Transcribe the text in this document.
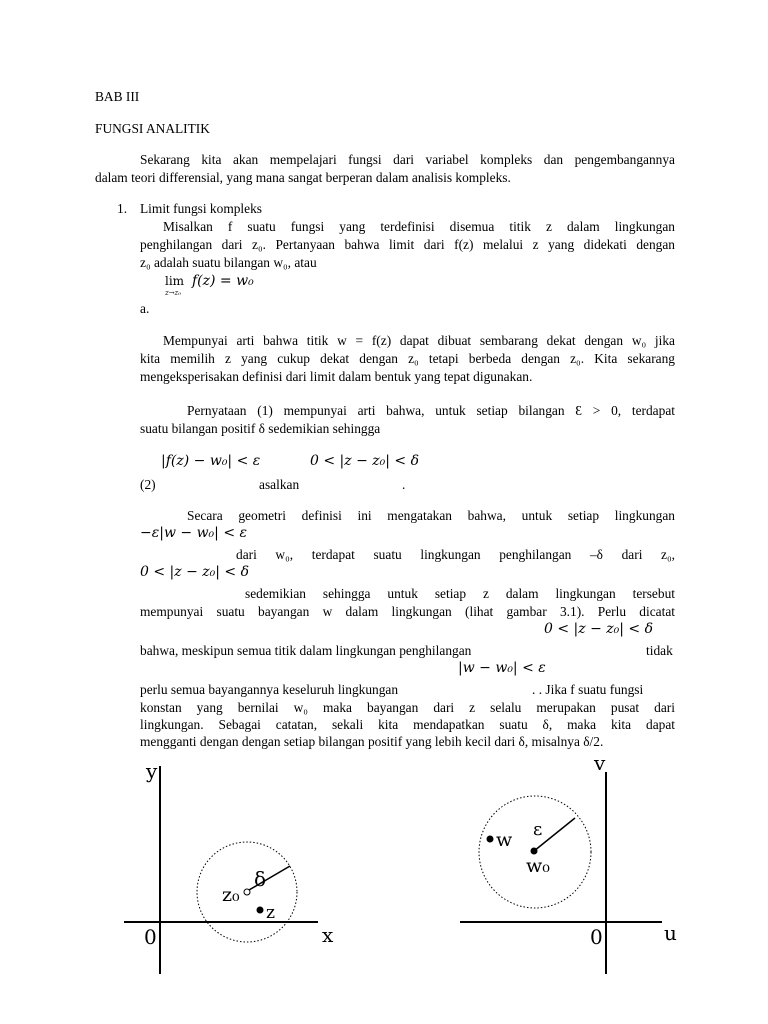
BAB III
FUNGSI ANALITIK
Sekarang kita akan mempelajari fungsi dari variabel kompleks dan pengembangannya
dalam teori differensial, yang mana sangat berperan dalam analisis kompleks.
1. Limit fungsi kompleks
Misalkan f suatu fungsi yang terdefinisi disemua titik z dalam lingkungan
penghilangan dari z₀. Pertanyaan bahwa limit dari f(z) melalui z yang didekati dengan
z₀ adalah suatu bilangan w₀, atau
lim
z→z₀
f(z) = w₀
a.
Mempunyai arti bahwa titik w = f(z) dapat dibuat sembarang dekat dengan w₀ jika
kita memilih z yang cukup dekat dengan z₀ tetapi berbeda dengan z₀. Kita sekarang
mengeksperisakan definisi dari limit dalam bentuk yang tepat digunakan.
Pernyataan (1) mempunyai arti bahwa, untuk setiap bilangan Ɛ > 0, terdapat
suatu bilangan positif δ sedemikian sehingga
|f(z) − w₀| < ε	0 < |z − z₀| < δ
(2)	asalkan	.
Secara geometri definisi ini mengatakan bahwa, untuk setiap lingkungan
−ε|w − w₀| < ε
dari w₀, terdapat suatu lingkungan penghilangan –δ dari z₀,
0 < |z − z₀| < δ
sedemikian sehingga untuk setiap z dalam lingkungan tersebut
mempunyai suatu bayangan w dalam lingkungan (lihat gambar 3.1). Perlu dicatat
0 < |z − z₀| < δ
bahwa, meskipun semua titik dalam lingkungan penghilangan	tidak
|w − w₀| < ε
perlu semua bayangannya keseluruh lingkungan	. . Jika f suatu fungsi
konstan yang bernilai w₀ maka bayangan dari z selalu merupakan pusat dari
lingkungan. Sebagai catatan, sekali kita mendapatkan suatu δ, maka kita dapat
mengganti dengan dengan setiap bilangan positif yang lebih kecil dari δ, misalnya δ/2.
y
x
0
z₀
δ
z
v
u
0
w₀
ε
w
